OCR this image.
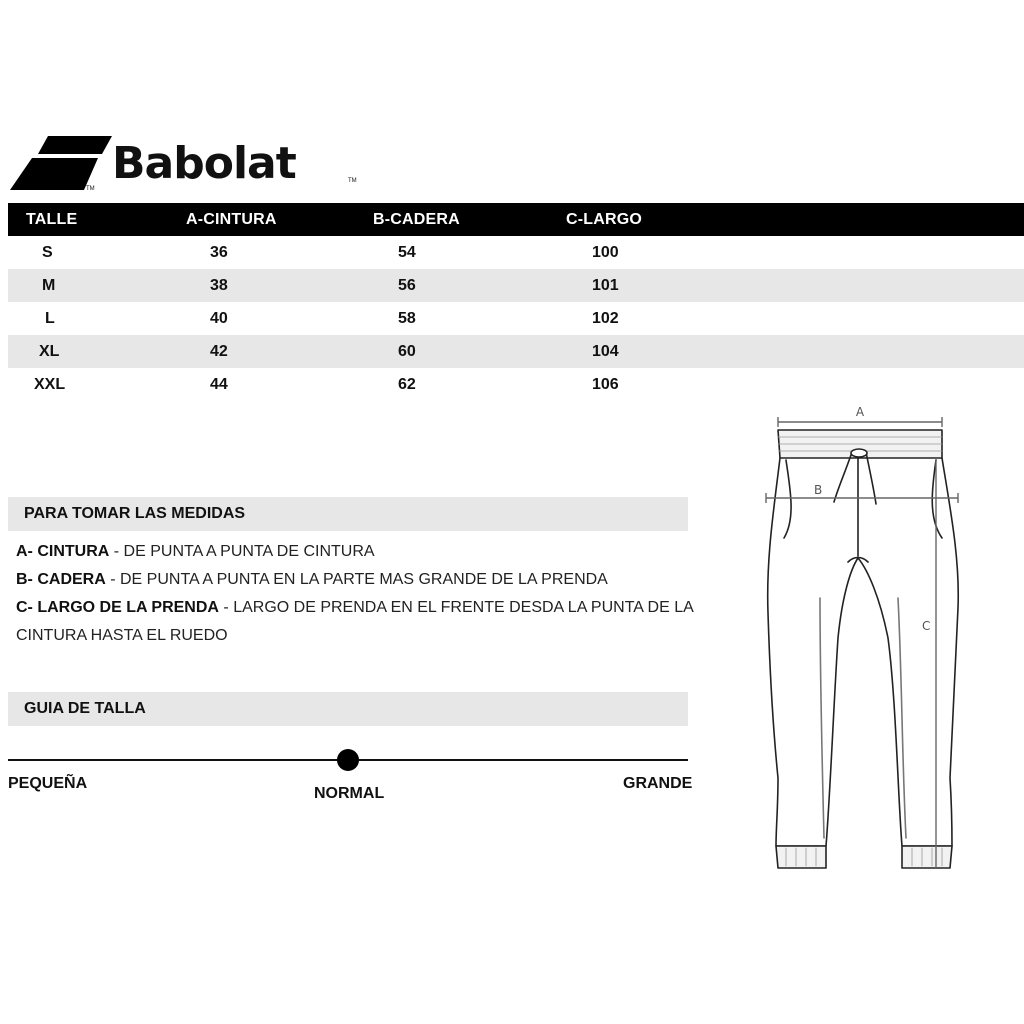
Babolat
TM
TM
TALLE	A-CINTURA	B-CADERA	C-LARGO	
S	36	54	100	
M	38	56	101	
L	40	58	102	
XL	42	60	104	
XXL	44	62	106	
PARA TOMAR LAS MEDIDAS
A- CINTURA - DE PUNTA A PUNTA DE CINTURA
B- CADERA - DE PUNTA A PUNTA EN LA PARTE MAS GRANDE DE LA PRENDA
C- LARGO DE LA PRENDA - LARGO DE PRENDA EN EL FRENTE DESDA LA PUNTA DE LA
CINTURA HASTA EL RUEDO
GUIA DE TALLA
PEQUEÑA
NORMAL
GRANDE
A
B
C
